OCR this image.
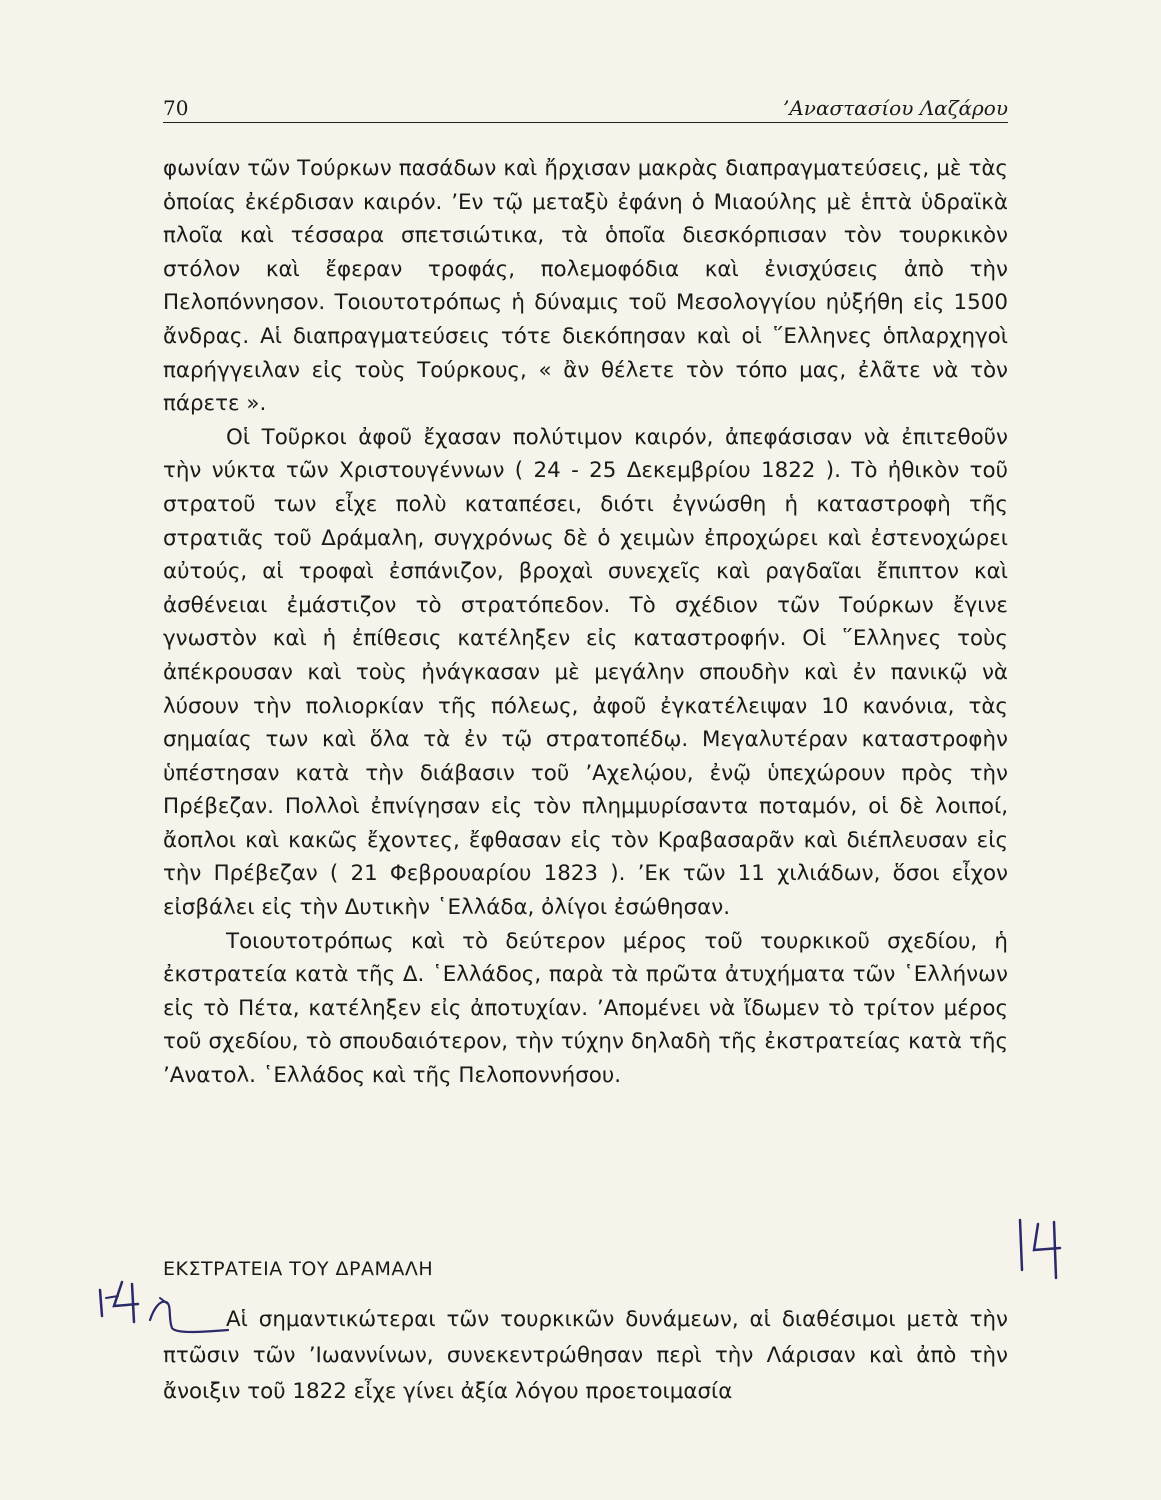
70	’Αναστασίου Λαζάρου

φωνίαν τῶν Τούρκων πασάδων καὶ ἤρχισαν μακρὰς διαπραγματεύσεις, μὲ τὰς ὁποίας ἐκέρδισαν καιρόν. ’Εν τῷ μεταξὺ ἐφάνη ὁ Μιαούλης μὲ ἑπτὰ ὑδραϊκὰ πλοῖα καὶ τέσσαρα σπετσιώτικα, τὰ ὁποῖα διεσκόρπισαν τὸν τουρκικὸν στόλον καὶ ἔφεραν τροφάς, πολεμοφόδια καὶ ἐνισχύσεις ἀπὸ τὴν Πελοπόννησον. Τοιουτοτρόπως ἡ δύναμις τοῦ Μεσολογγίου ηὐξήθη εἰς 1500 ἄνδρας. Αἱ διαπραγματεύσεις τότε διεκόπησαν καὶ οἱ ῞Ελληνες ὁπλαρχηγοὶ παρήγγειλαν εἰς τοὺς Τούρκους, « ἂν θέλετε τὸν τόπο μας, ἐλᾶτε νὰ τὸν πάρετε ».

Οἱ Τοῦρκοι ἀφοῦ ἔχασαν πολύτιμον καιρόν, ἀπεφάσισαν νὰ ἐπιτεθοῦν τὴν νύκτα τῶν Χριστουγέννων ( 24 - 25 Δεκεμβρίου 1822 ). Τὸ ἠθικὸν τοῦ στρατοῦ των εἶχε πολὺ καταπέσει, διότι ἐγνώσθη ἡ καταστροφὴ τῆς στρατιᾶς τοῦ Δράμαλη, συγχρόνως δὲ ὁ χειμὼν ἐπροχώρει καὶ ἐστενοχώρει αὐτούς, αἱ τροφαὶ ἐσπάνιζον, βροχαὶ συνεχεῖς καὶ ραγδαῖαι ἔπιπτον καὶ ἀσθένειαι ἐμάστιζον τὸ στρατόπεδον. Τὸ σχέδιον τῶν Τούρκων ἔγινε γνωστὸν καὶ ἡ ἐπίθεσις κατέληξεν εἰς καταστροφήν. Οἱ ῞Ελληνες τοὺς ἀπέκρουσαν καὶ τοὺς ἠνάγκασαν μὲ μεγάλην σπουδὴν καὶ ἐν πανικῷ νὰ λύσουν τὴν πολιορκίαν τῆς πόλεως, ἀφοῦ ἐγκατέλειψαν 10 κανόνια, τὰς σημαίας των καὶ ὅλα τὰ ἐν τῷ στρατοπέδῳ. Μεγαλυτέραν καταστροφὴν ὑπέστησαν κατὰ τὴν διάβασιν τοῦ ’Αχελῴου, ἐνῷ ὑπεχώρουν πρὸς τὴν Πρέβεζαν. Πολλοὶ ἐπνίγησαν εἰς τὸν πλημμυρίσαντα ποταμόν, οἱ δὲ λοιποί, ἄοπλοι καὶ κακῶς ἔχοντες, ἔφθασαν εἰς τὸν Κραβασαρᾶν καὶ διέπλευσαν εἰς τὴν Πρέβεζαν ( 21 Φεβρουαρίου 1823 ). ’Εκ τῶν 11 χιλιάδων, ὅσοι εἶχον εἰσβάλει εἰς τὴν Δυτικὴν ῾Ελλάδα, ὀλίγοι ἐσώθησαν.

Τοιουτοτρόπως καὶ τὸ δεύτερον μέρος τοῦ τουρκικοῦ σχεδίου, ἡ ἐκστρατεία κατὰ τῆς Δ. ῾Ελλάδος, παρὰ τὰ πρῶτα ἀτυχήματα τῶν ῾Ελλήνων εἰς τὸ Πέτα, κατέληξεν εἰς ἀποτυχίαν. ’Απομένει νὰ ἴδωμεν τὸ τρίτον μέρος τοῦ σχεδίου, τὸ σπουδαιότερον, τὴν τύχην δηλαδὴ τῆς ἐκστρατείας κατὰ τῆς ’Ανατολ. ῾Ελλάδος καὶ τῆς Πελοποννήσου.

ΕΚΣΤΡΑΤΕΙΑ ΤΟΥ ΔΡΑΜΑΛΗ

Αἱ σημαντικώτεραι τῶν τουρκικῶν δυνάμεων, αἱ διαθέσιμοι μετὰ τὴν πτῶσιν τῶν ’Ιωαννίνων, συνεκεντρώθησαν περὶ τὴν Λάρισαν καὶ ἀπὸ τὴν ἄνοιξιν τοῦ 1822 εἶχε γίνει ἀξία λόγου προετοιμασία
